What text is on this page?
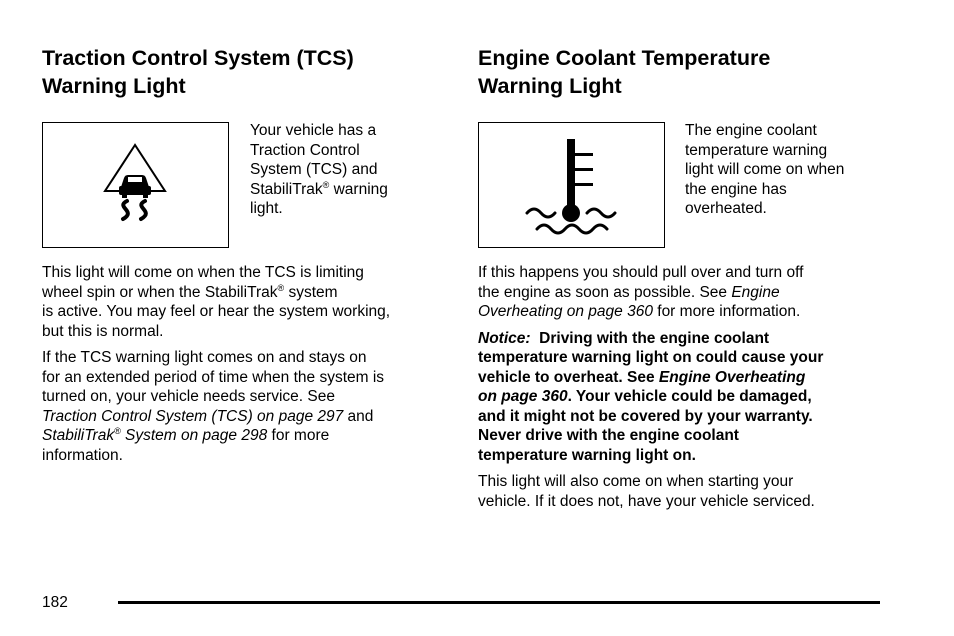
Traction Control System (TCS)
Warning Light
Your vehicle has a
Traction Control
System (TCS) and
StabiliTrak® warning
light.

This light will come on when the TCS is limiting
wheel spin or when the StabiliTrak® system
is active. You may feel or hear the system working,
but this is normal.

If the TCS warning light comes on and stays on
for an extended period of time when the system is
turned on, your vehicle needs service. See
Traction Control System (TCS) on page 297 and
StabiliTrak® System on page 298 for more
information.

Engine Coolant Temperature
Warning Light
The engine coolant
temperature warning
light will come on when
the engine has
overheated.

If this happens you should pull over and turn off
the engine as soon as possible. See Engine
Overheating on page 360 for more information.

Notice:  Driving with the engine coolant
temperature warning light on could cause your
vehicle to overheat. See Engine Overheating
on page 360. Your vehicle could be damaged,
and it might not be covered by your warranty.
Never drive with the engine coolant
temperature warning light on.

This light will also come on when starting your
vehicle. If it does not, have your vehicle serviced.

182
